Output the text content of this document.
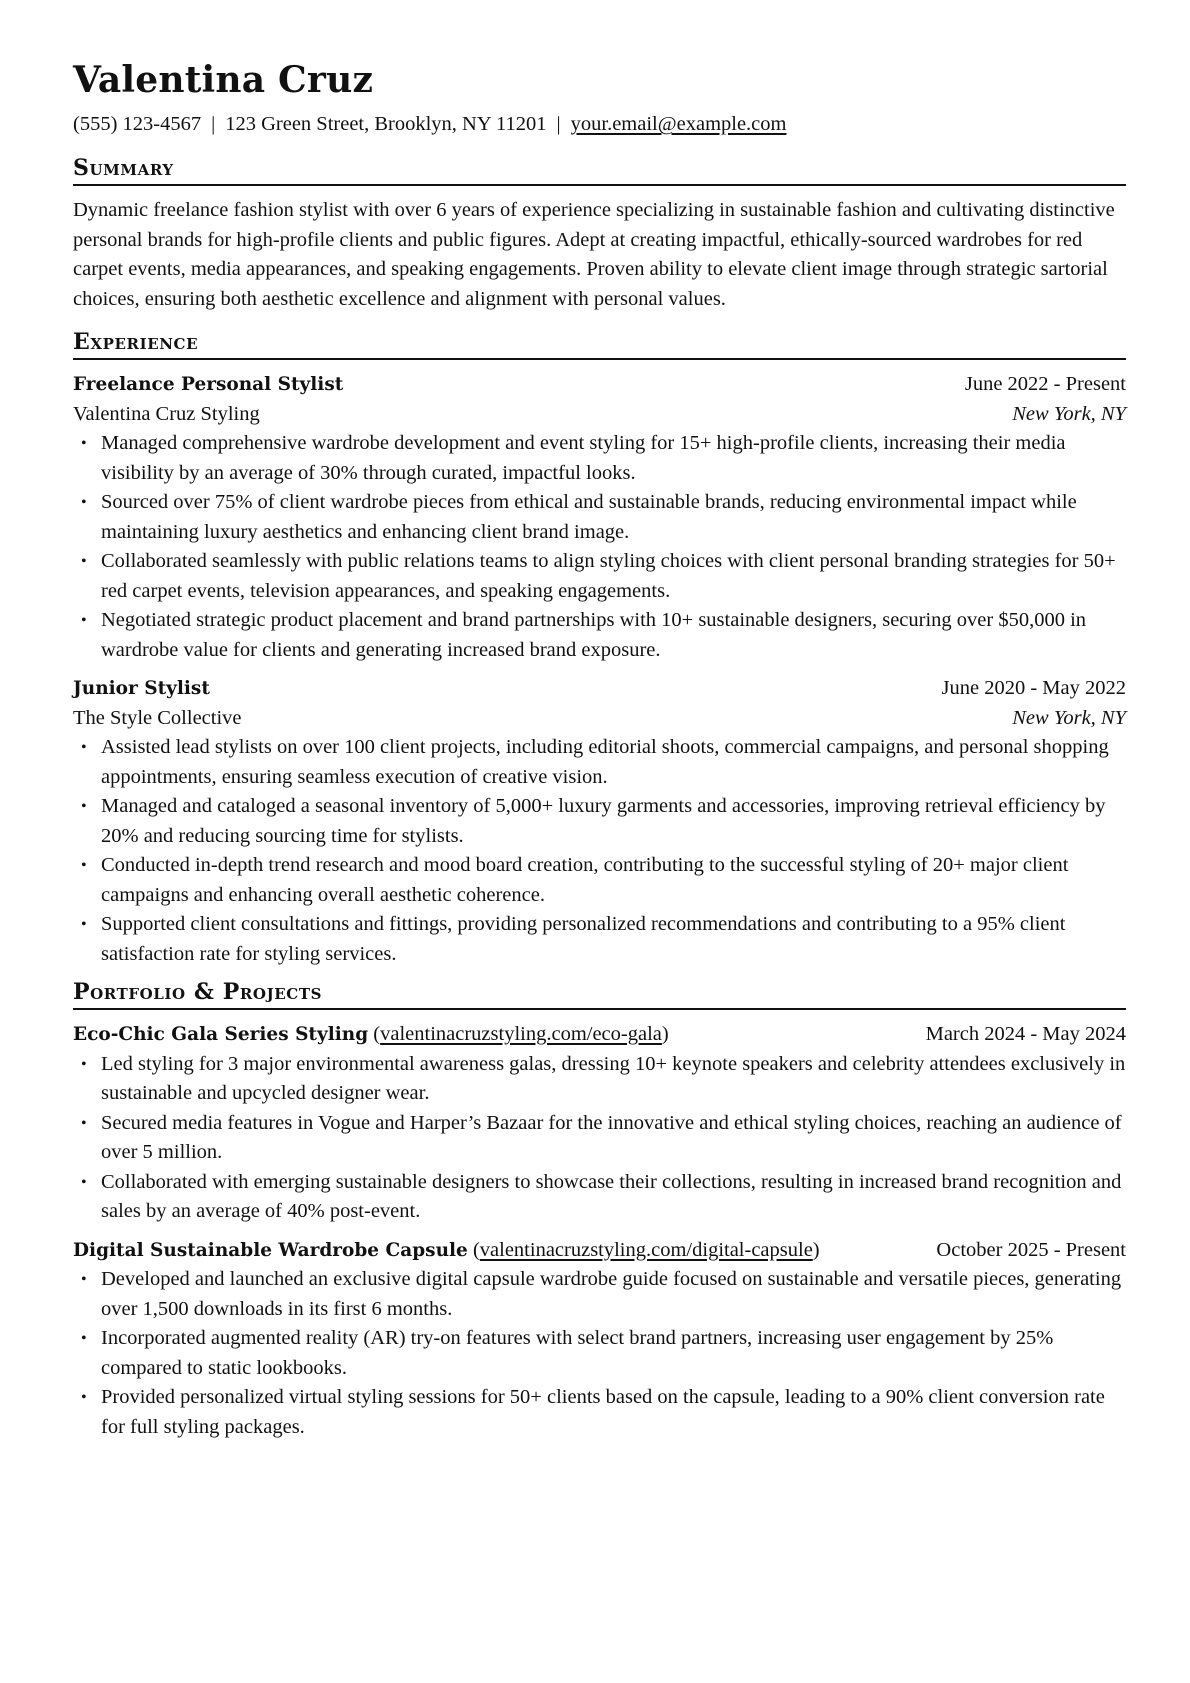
Valentina Cruz
(555) 123-4567 | 123 Green Street, Brooklyn, NY 11201 | your.email@example.com
Summary
Dynamic freelance fashion stylist with over 6 years of experience specializing in sustainable fashion and cultivating distinctive personal brands for high-profile clients and public figures. Adept at creating impactful, ethically-sourced wardrobes for red carpet events, media appearances, and speaking engagements. Proven ability to elevate client image through strategic sartorial choices, ensuring both aesthetic excellence and alignment with personal values.
Experience
Freelance Personal Stylist	June 2022 - Present
Valentina Cruz Styling	New York, NY
• Managed comprehensive wardrobe development and event styling for 15+ high-profile clients, increasing their media visibility by an average of 30% through curated, impactful looks.
• Sourced over 75% of client wardrobe pieces from ethical and sustainable brands, reducing environmental impact while maintaining luxury aesthetics and enhancing client brand image.
• Collaborated seamlessly with public relations teams to align styling choices with client personal branding strategies for 50+ red carpet events, television appearances, and speaking engagements.
• Negotiated strategic product placement and brand partnerships with 10+ sustainable designers, securing over $50,000 in wardrobe value for clients and generating increased brand exposure.
Junior Stylist	June 2020 - May 2022
The Style Collective	New York, NY
• Assisted lead stylists on over 100 client projects, including editorial shoots, commercial campaigns, and personal shopping appointments, ensuring seamless execution of creative vision.
• Managed and cataloged a seasonal inventory of 5,000+ luxury garments and accessories, improving retrieval efficiency by 20% and reducing sourcing time for stylists.
• Conducted in-depth trend research and mood board creation, contributing to the successful styling of 20+ major client campaigns and enhancing overall aesthetic coherence.
• Supported client consultations and fittings, providing personalized recommendations and contributing to a 95% client satisfaction rate for styling services.
Portfolio & Projects
Eco-Chic Gala Series Styling (valentinacruzstyling.com/eco-gala)	March 2024 - May 2024
• Led styling for 3 major environmental awareness galas, dressing 10+ keynote speakers and celebrity attendees exclusively in sustainable and upcycled designer wear.
• Secured media features in Vogue and Harper’s Bazaar for the innovative and ethical styling choices, reaching an audience of over 5 million.
• Collaborated with emerging sustainable designers to showcase their collections, resulting in increased brand recognition and sales by an average of 40% post-event.
Digital Sustainable Wardrobe Capsule (valentinacruzstyling.com/digital-capsule)	October 2025 - Present
• Developed and launched an exclusive digital capsule wardrobe guide focused on sustainable and versatile pieces, generating over 1,500 downloads in its first 6 months.
• Incorporated augmented reality (AR) try-on features with select brand partners, increasing user engagement by 25% compared to static lookbooks.
• Provided personalized virtual styling sessions for 50+ clients based on the capsule, leading to a 90% client conversion rate for full styling packages.
